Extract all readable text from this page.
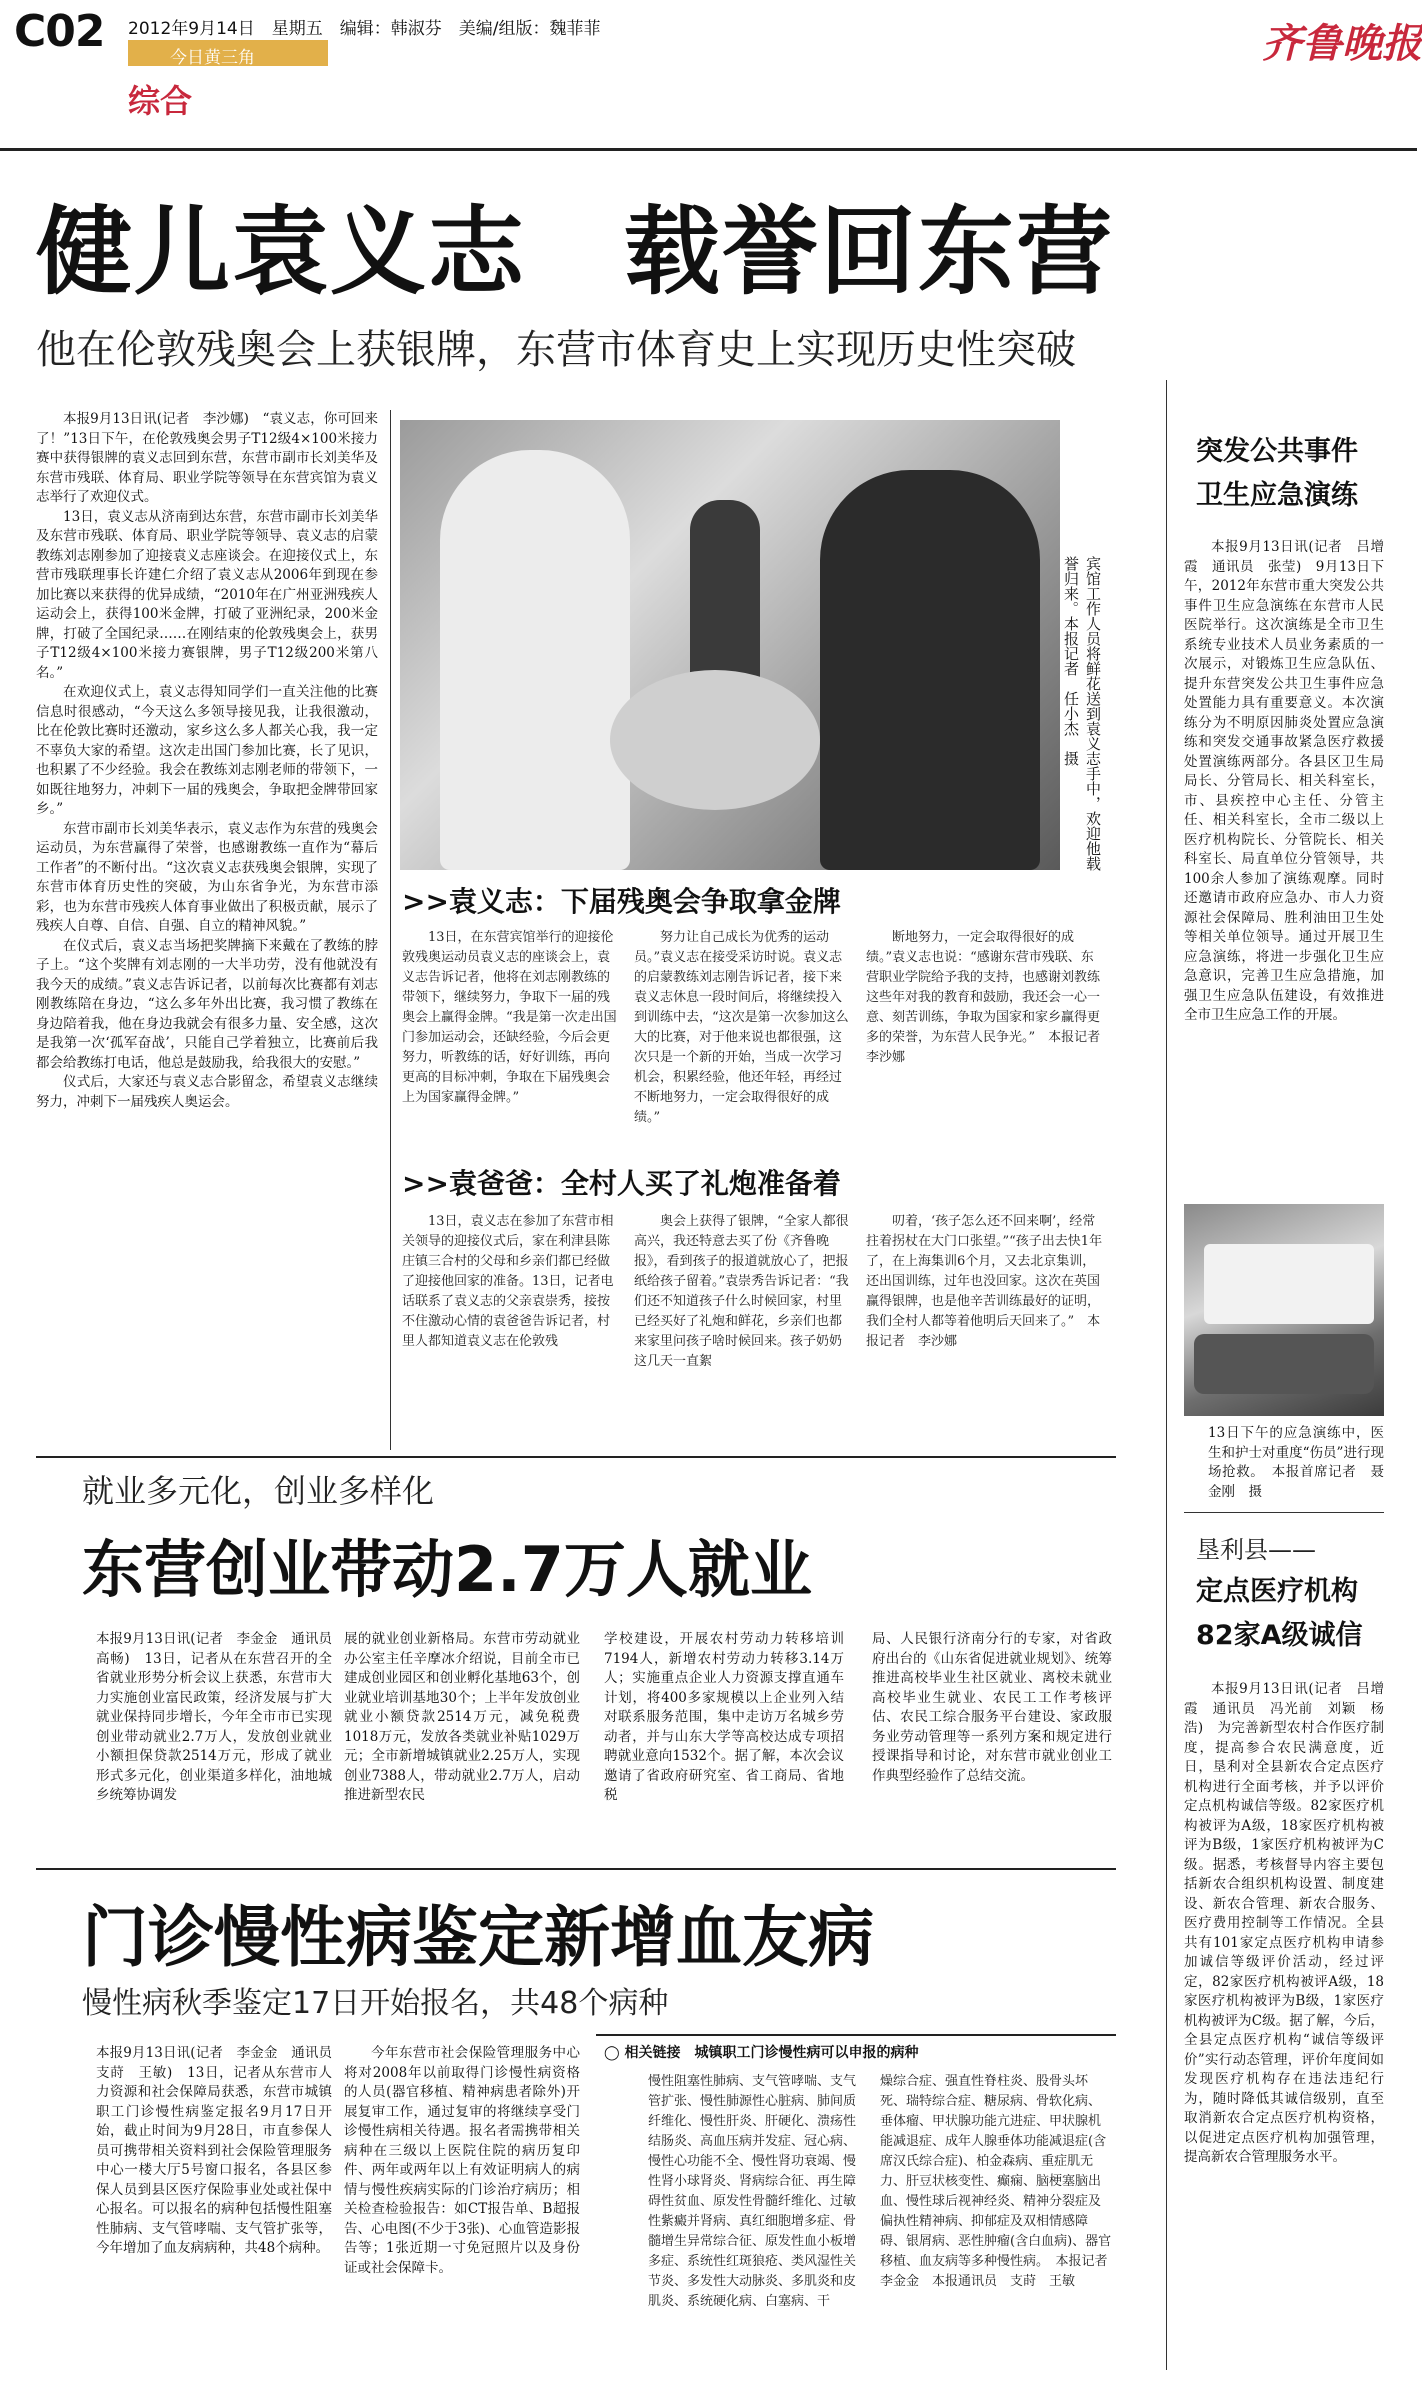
C02 2012年9月14日　星期五　编辑：韩淑芬　美编/组版：魏菲菲
今日黄三角
综合
齐鲁晚报
健儿袁义志　载誉回东营
他在伦敦残奥会上获银牌，东营市体育史上实现历史性突破

本报9月13日讯(记者　李沙娜)　“袁义志，你可回来了！”13日下午，在伦敦残奥会男子T12级4×100米接力赛中获得银牌的袁义志回到东营，东营市副市长刘美华及东营市残联、体育局、职业学院等领导在东营宾馆为袁义志举行了欢迎仪式。

13日，袁义志从济南到达东营，东营市副市长刘美华及东营市残联、体育局、职业学院等领导、袁义志的启蒙教练刘志刚参加了迎接袁义志座谈会。在迎接仪式上，东营市残联理事长许建仁介绍了袁义志从2006年到现在参加比赛以来获得的优异成绩，“2010年在广州亚洲残疾人运动会上，获得100米金牌，打破了亚洲纪录，200米金牌，打破了全国纪录……在刚结束的伦敦残奥会上，获男子T12级4×100米接力赛银牌，男子T12级200米第八名。”

在欢迎仪式上，袁义志得知同学们一直关注他的比赛信息时很感动，“今天这么多领导接见我，让我很激动，比在伦敦比赛时还激动，家乡这么多人都关心我，我一定不辜负大家的希望。这次走出国门参加比赛，长了见识，也积累了不少经验。我会在教练刘志刚老师的带领下，一如既往地努力，冲刺下一届的残奥会，争取把金牌带回家乡。”

东营市副市长刘美华表示，袁义志作为东营的残奥会运动员，为东营赢得了荣誉，也感谢教练一直作为“幕后工作者”的不断付出。“这次袁义志获残奥会银牌，实现了东营市体育历史性的突破，为山东省争光，为东营市添彩，也为东营市残疾人体育事业做出了积极贡献，展示了残疾人自尊、自信、自强、自立的精神风貌。”

在仪式后，袁义志当场把奖牌摘下来戴在了教练的脖子上。“这个奖牌有刘志刚的一大半功劳，没有他就没有我今天的成绩。”袁义志告诉记者，以前每次比赛都有刘志刚教练陪在身边，“这么多年外出比赛，我习惯了教练在身边陪着我，他在身边我就会有很多力量、安全感，这次是我第一次‘孤军奋战’，只能自己学着独立，比赛前后我都会给教练打电话，他总是鼓励我，给我很大的安慰。”

仪式后，大家还与袁义志合影留念，希望袁义志继续努力，冲刺下一届残疾人奥运会。

宾馆工作人员将鲜花送到袁义志手中，欢迎他载誉归来。本报记者　任小杰　摄
>>袁义志：下届残奥会争取拿金牌
13日，在东营宾馆举行的迎接伦敦残奥运动员袁义志的座谈会上，袁义志告诉记者，他将在刘志刚教练的带领下，继续努力，争取下一届的残奥会上赢得金牌。“我是第一次走出国门参加运动会，还缺经验，今后会更努力，听教练的话，好好训练，再向更高的目标冲刺，争取在下届残奥会上为国家赢得金牌。”
努力让自己成长为优秀的运动员。”袁义志在接受采访时说。袁义志的启蒙教练刘志刚告诉记者，接下来袁义志休息一段时间后，将继续投入到训练中去，“这次是第一次参加这么大的比赛，对于他来说也都很强，这次只是一个新的开始，当成一次学习机会，积累经验，他还年轻，再经过不断地努力，一定会取得很好的成绩。”
断地努力，一定会取得很好的成绩。”袁义志也说：“感谢东营市残联、东营职业学院给予我的支持，也感谢刘教练这些年对我的教育和鼓励，我还会一心一意、刻苦训练，争取为国家和家乡赢得更多的荣誉，为东营人民争光。”　本报记者　李沙娜
>>袁爸爸：全村人买了礼炮准备着
13日，袁义志在参加了东营市相关领导的迎接仪式后，家在利津县陈庄镇三合村的父母和乡亲们都已经做了迎接他回家的准备。13日，记者电话联系了袁义志的父亲袁崇秀，接按不住激动心情的袁爸爸告诉记者，村里人都知道袁义志在伦敦残
奥会上获得了银牌，“全家人都很高兴，我还特意去买了份《齐鲁晚报》，看到孩子的报道就放心了，把报纸给孩子留着。”袁崇秀告诉记者：“我们还不知道孩子什么时候回家，村里已经买好了礼炮和鲜花，乡亲们也都来家里问孩子啥时候回来。孩子奶奶这几天一直絮
叨着，‘孩子怎么还不回来啊’，经常拄着拐杖在大门口张望。”“孩子出去快1年了，在上海集训6个月，又去北京集训，还出国训练，过年也没回家。这次在英国赢得银牌，也是他辛苦训练最好的证明，我们全村人都等着他明后天回来了。”　本报记者　李沙娜
就业多元化，创业多样化
东营创业带动2.7万人就业
本报9月13日讯(记者　李金金　通讯员　高畅)　13日，记者从在东营召开的全省就业形势分析会议上获悉，东营市大力实施创业富民政策，经济发展与扩大就业保持同步增长，今年全市市已实现创业带动就业2.7万人，发放创业就业小额担保贷款2514万元，形成了就业形式多元化，创业渠道多样化，油地城乡统筹协调发
展的就业创业新格局。东营市劳动就业办公室主任辛摩冰介绍说，目前全市已建成创业园区和创业孵化基地63个，创业就业培训基地30个；上半年发放创业就业小额贷款2514万元，减免税费1018万元，发放各类就业补贴1029万元；全市新增城镇就业2.25万人，实现创业7388人，带动就业2.7万人，启动推进新型农民
学校建设，开展农村劳动力转移培训7194人，新增农村劳动力转移3.14万人；实施重点企业人力资源支撑直通车计划，将400多家规模以上企业列入结对联系服务范围，集中走访万名城乡劳动者，并与山东大学等高校达成专项招聘就业意向1532个。据了解，本次会议邀请了省政府研究室、省工商局、省地税
局、人民银行济南分行的专家，对省政府出台的《山东省促进就业规划》、统筹推进高校毕业生社区就业、离校未就业高校毕业生就业、农民工工作考核评估、农民工综合服务平台建设、家政服务业劳动管理等一系列方案和规定进行授课指导和讨论，对东营市就业创业工作典型经验作了总结交流。
门诊慢性病鉴定新增血友病
慢性病秋季鉴定17日开始报名，共48个病种
本报9月13日讯(记者　李金金　通讯员　支莳　王敏)　13日，记者从东营市人力资源和社会保障局获悉，东营市城镇职工门诊慢性病鉴定报名9月17日开始，截止时间为9月28日，市直参保人员可携带相关资料到社会保险管理服务中心一楼大厅5号窗口报名，各县区参保人员到县区医疗保险事业处或社保中心报名。可以报名的病种包括慢性阻塞性肺病、支气管哮喘、支气管扩张等，今年增加了血友病病种，共48个病种。
今年东营市社会保险管理服务中心将对2008年以前取得门诊慢性病资格的人员(器官移植、精神病患者除外)开展复审工作，通过复审的将继续享受门诊慢性病相关待遇。报名者需携带相关病种在三级以上医院住院的病历复印件、两年或两年以上有效证明病人的病情与慢性疾病实际的门诊治疗病历；相关检查检验报告：如CT报告单、B超报告、心电图(不少于3张)、心血管造影报告等；1张近期一寸免冠照片以及身份证或社会保障卡。
◯ 相关链接　城镇职工门诊慢性病可以申报的病种
慢性阻塞性肺病、支气管哮喘、支气管扩张、慢性肺源性心脏病、肺间质纤维化、慢性肝炎、肝硬化、溃疡性结肠炎、高血压病并发症、冠心病、慢性心功能不全、慢性肾功衰竭、慢性肾小球肾炎、肾病综合征、再生障碍性贫血、原发性骨髓纤维化、过敏性紫癜并肾病、真红细胞增多症、骨髓增生异常综合征、原发性血小板增多症、系统性红斑狼疮、类风湿性关节炎、多发性大动脉炎、多肌炎和皮肌炎、系统硬化病、白塞病、干
燥综合症、强直性脊柱炎、股骨头坏死、瑞特综合症、糖尿病、骨软化病、垂体瘤、甲状腺功能亢进症、甲状腺机能减退症、成年人腺垂体功能减退症(含席汉氏综合症)、柏金森病、重症肌无力、肝豆状核变性、癫痫、脑梗塞脑出血、慢性球后视神经炎、精神分裂症及偏执性精神病、抑郁症及双相情感障碍、银屑病、恶性肿瘤(含白血病)、器官移植、血友病等多种慢性病。　本报记者　李金金　本报通讯员　支莳　王敏
突发公共事件
卫生应急演练
本报9月13日讯(记者　吕增霞　通讯员　张莹)　9月13日下午，2012年东营市重大突发公共事件卫生应急演练在东营市人民医院举行。这次演练是全市卫生系统专业技术人员业务素质的一次展示，对锻炼卫生应急队伍、提升东营突发公共卫生事件应急处置能力具有重要意义。本次演练分为不明原因肺炎处置应急演练和突发交通事故紧急医疗救援处置演练两部分。各县区卫生局局长、分管局长、相关科室长，市、县疾控中心主任、分管主任、相关科室长，全市二级以上医疗机构院长、分管院长、相关科室长、局直单位分管领导，共100余人参加了演练观摩。同时还邀请市政府应急办、市人力资源社会保障局、胜利油田卫生处等相关单位领导。通过开展卫生应急演练，将进一步强化卫生应急意识，完善卫生应急措施，加强卫生应急队伍建设，有效推进全市卫生应急工作的开展。
13日下午的应急演练中，医生和护士对重度“伤员”进行现场抢救。　本报首席记者　聂金刚　摄
垦利县——
定点医疗机构
82家A级诚信
本报9月13日讯(记者　吕增霞　通讯员　冯光前　刘颖　杨浩)　为完善新型农村合作医疗制度，提高参合农民满意度，近日，垦利对全县新农合定点医疗机构进行全面考核，并予以评价定点机构诚信等级。82家医疗机构被评为A级，18家医疗机构被评为B级，1家医疗机构被评为C级。据悉，考核督导内容主要包括新农合组织机构设置、制度建设、新农合管理、新农合服务、医疗费用控制等工作情况。全县共有101家定点医疗机构申请参加诚信等级评价活动，经过评定，82家医疗机构被评A级，18家医疗机构被评为B级，1家医疗机构被评为C级。据了解，今后，全县定点医疗机构“诚信等级评价”实行动态管理，评价年度间如发现医疗机构存在违法违纪行为，随时降低其诚信级别，直至取消新农合定点医疗机构资格，以促进定点医疗机构加强管理，提高新农合管理服务水平。
